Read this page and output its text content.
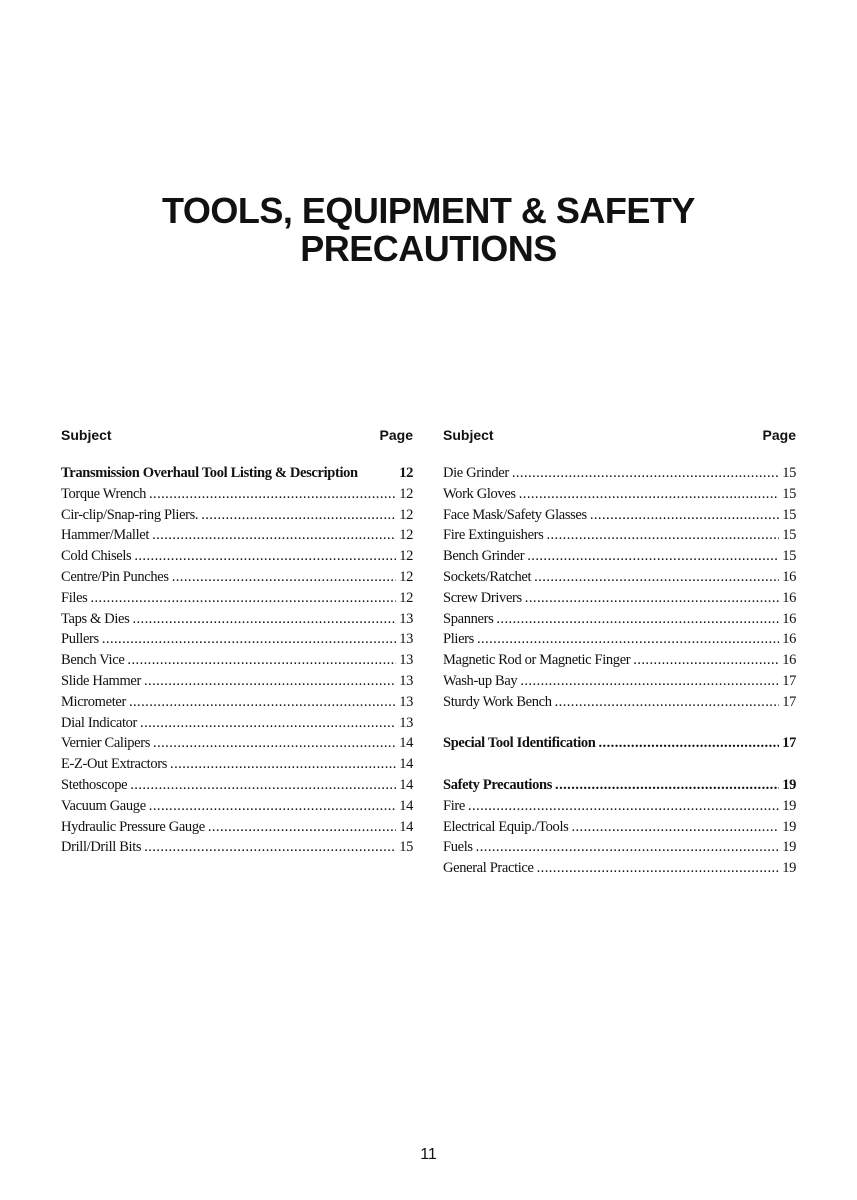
TOOLS, EQUIPMENT & SAFETY
PRECAUTIONS
Subject	Page
Transmission Overhaul Tool Listing & Description	12
Torque Wrench . . .	12
Cir-clip/Snap-ring Pliers. . . .	12
Hammer/Mallet . . .	12
Cold Chisels . . .	12
Centre/Pin Punches . . .	12
Files . . .	12
Taps & Dies . . .	13
Pullers . . .	13
Bench Vice . . .	13
Slide Hammer . . .	13
Micrometer . . .	13
Dial Indicator . . .	13
Vernier Calipers . . .	14
E-Z-Out Extractors . . .	14
Stethoscope . . .	14
Vacuum Gauge . . .	14
Hydraulic Pressure Gauge . . .	14
Drill/Drill Bits . . .	15
Subject	Page
Die Grinder . . .	15
Work Gloves . . .	15
Face Mask/Safety Glasses . . .	15
Fire Extinguishers . . .	15
Bench Grinder . . .	15
Sockets/Ratchet . . .	16
Screw Drivers . . .	16
Spanners . . .	16
Pliers . . .	16
Magnetic Rod or Magnetic Finger . . .	16
Wash-up Bay . . .	17
Sturdy Work Bench . . .	17
Special Tool Identification . . .	17
Safety Precautions . . .	19
Fire . . .	19
Electrical Equip./Tools . . .	19
Fuels . . .	19
General Practice . . .	19
11
